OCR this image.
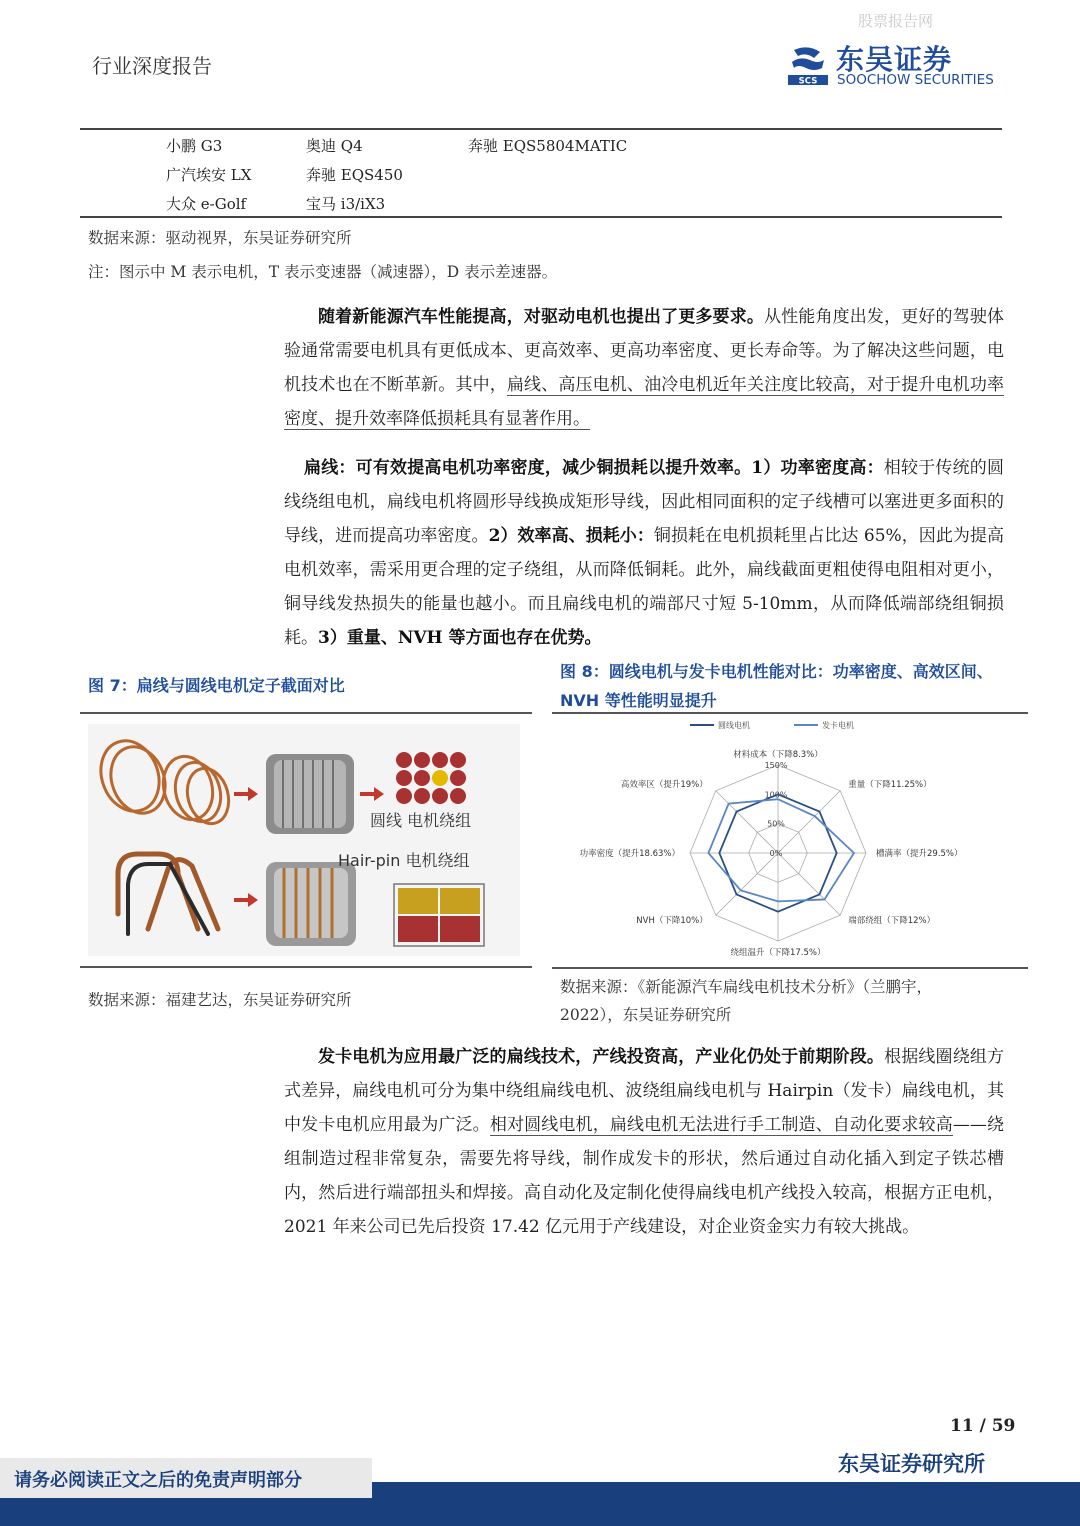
股票报告网
行业深度报告
SCS
东吴证券
SOOCHOW SECURITIES
小鹏 G3	奥迪 Q4	奔驰 EQS5804MATIC
广汽埃安 LX	奔驰 EQS450
大众 e-Golf	宝马 i3/iX3
数据来源：驱动视界，东吴证券研究所
注：图示中 M 表示电机，T 表示变速器（减速器），D 表示差速器。
随着新能源汽车性能提高，对驱动电机也提出了更多要求。从性能角度出发，更好的驾驶体验通常需要电机具有更低成本、更高效率、更高功率密度、更长寿命等。为了解决这些问题，电机技术也在不断革新。其中，扁线、高压电机、油冷电机近年关注度比较高，对于提升电机功率密度、提升效率降低损耗具有显著作用。
扁线：可有效提高电机功率密度，减少铜损耗以提升效率。1）功率密度高：相较于传统的圆线绕组电机，扁线电机将圆形导线换成矩形导线，因此相同面积的定子线槽可以塞进更多面积的导线，进而提高功率密度。2）效率高、损耗小：铜损耗在电机损耗里占比达 65%，因此为提高电机效率，需采用更合理的定子绕组，从而降低铜耗。此外，扁线截面更粗使得电阻相对更小，铜导线发热损失的能量也越小。而且扁线电机的端部尺寸短 5-10mm，从而降低端部绕组铜损耗。3）重量、NVH 等方面也存在优势。
图 7：扁线与圆线电机定子截面对比
圆线 电机绕组
Hair-pin 电机绕组
数据来源：福建艺达，东吴证券研究所
图 8：圆线电机与发卡电机性能对比：功率密度、高效区间、
NVH 等性能明显提升
圆线电机	发卡电机
0%
50%
100%
150%
材料成本（下降8.3%）
重量（下降11.25%）
槽满率（提升29.5%）
端部绕组（下降12%）
绕组温升（下降17.5%）
NVH（下降10%）
功率密度（提升18.63%）
高效率区（提升19%）
数据来源：《新能源汽车扁线电机技术分析》（兰鹏宇，
2022），东吴证券研究所
发卡电机为应用最广泛的扁线技术，产线投资高，产业化仍处于前期阶段。根据线圈绕组方式差异，扁线电机可分为集中绕组扁线电机、波绕组扁线电机与 Hairpin（发卡）扁线电机，其中发卡电机应用最为广泛。相对圆线电机，扁线电机无法进行手工制造、自动化要求较高——绕组制造过程非常复杂，需要先将导线，制作成发卡的形状，然后通过自动化插入到定子铁芯槽内，然后进行端部扭头和焊接。高自动化及定制化使得扁线电机产线投入较高，根据方正电机，2021 年来公司已先后投资 17.42 亿元用于产线建设，对企业资金实力有较大挑战。
11 / 59
请务必阅读正文之后的免责声明部分
东吴证券研究所
